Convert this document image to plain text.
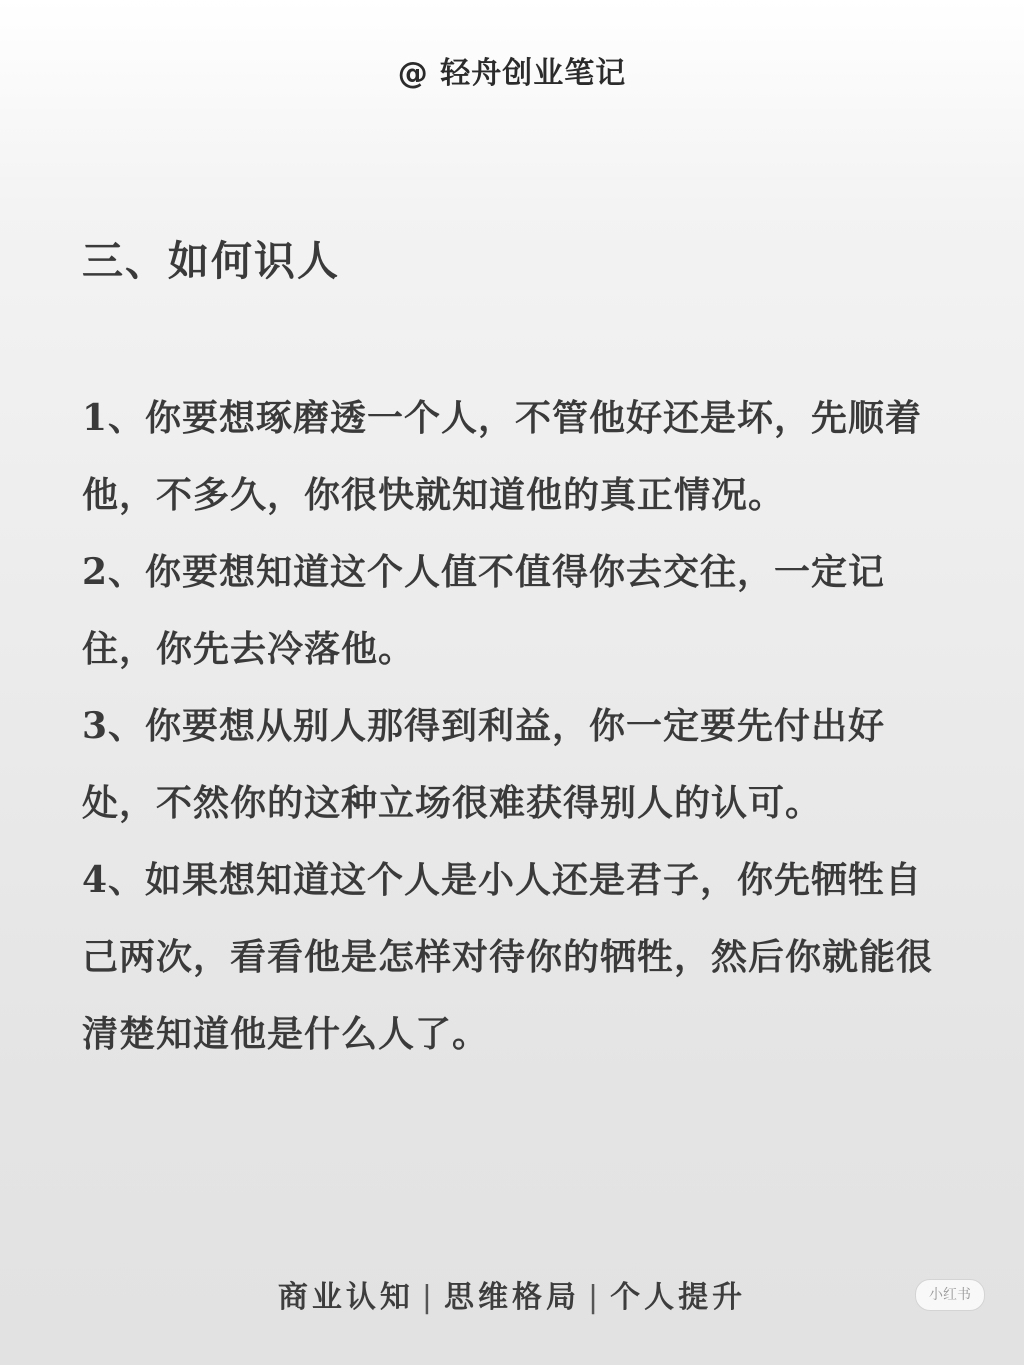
@ 轻舟创业笔记
三、如何识人

1、你要想琢磨透一个人，不管他好还是坏，先顺着他，不多久，你很快就知道他的真正情况。

2、你要想知道这个人值不值得你去交往，一定记住，你先去冷落他。

3、你要想从别人那得到利益，你一定要先付出好处，不然你的这种立场很难获得别人的认可。

4、如果想知道这个人是小人还是君子，你先牺牲自己两次，看看他是怎样对待你的牺牲，然后你就能很清楚知道他是什么人了。

商业认知 | 思维格局 | 个人提升	小红书
